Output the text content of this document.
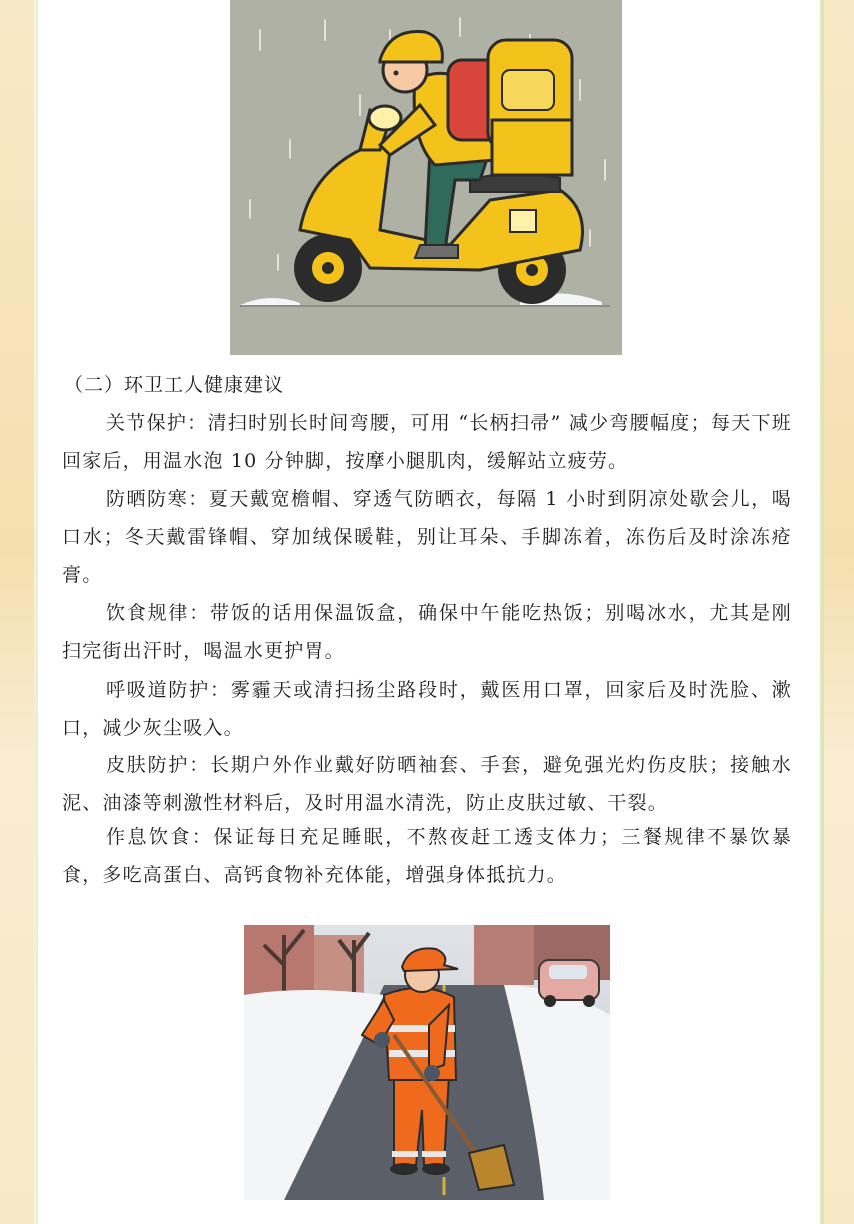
（二）环卫工人健康建议

关节保护：清扫时别长时间弯腰，可用 “长柄扫帚” 减少弯腰幅度；每天下班回家后，用温水泡 10 分钟脚，按摩小腿肌肉，缓解站立疲劳。

防晒防寒：夏天戴宽檐帽、穿透气防晒衣，每隔 1 小时到阴凉处歇会儿，喝口水；冬天戴雷锋帽、穿加绒保暖鞋，别让耳朵、手脚冻着，冻伤后及时涂冻疮膏。

饮食规律：带饭的话用保温饭盒，确保中午能吃热饭；别喝冰水，尤其是刚扫完街出汗时，喝温水更护胃。

呼吸道防护：雾霾天或清扫扬尘路段时，戴医用口罩，回家后及时洗脸、漱口，减少灰尘吸入。

皮肤防护：长期户外作业戴好防晒袖套、手套，避免强光灼伤皮肤；接触水泥、油漆等刺激性材料后，及时用温水清洗，防止皮肤过敏、干裂。

作息饮食：保证每日充足睡眠，不熬夜赶工透支体力；三餐规律不暴饮暴食，多吃高蛋白、高钙食物补充体能，增强身体抵抗力。
